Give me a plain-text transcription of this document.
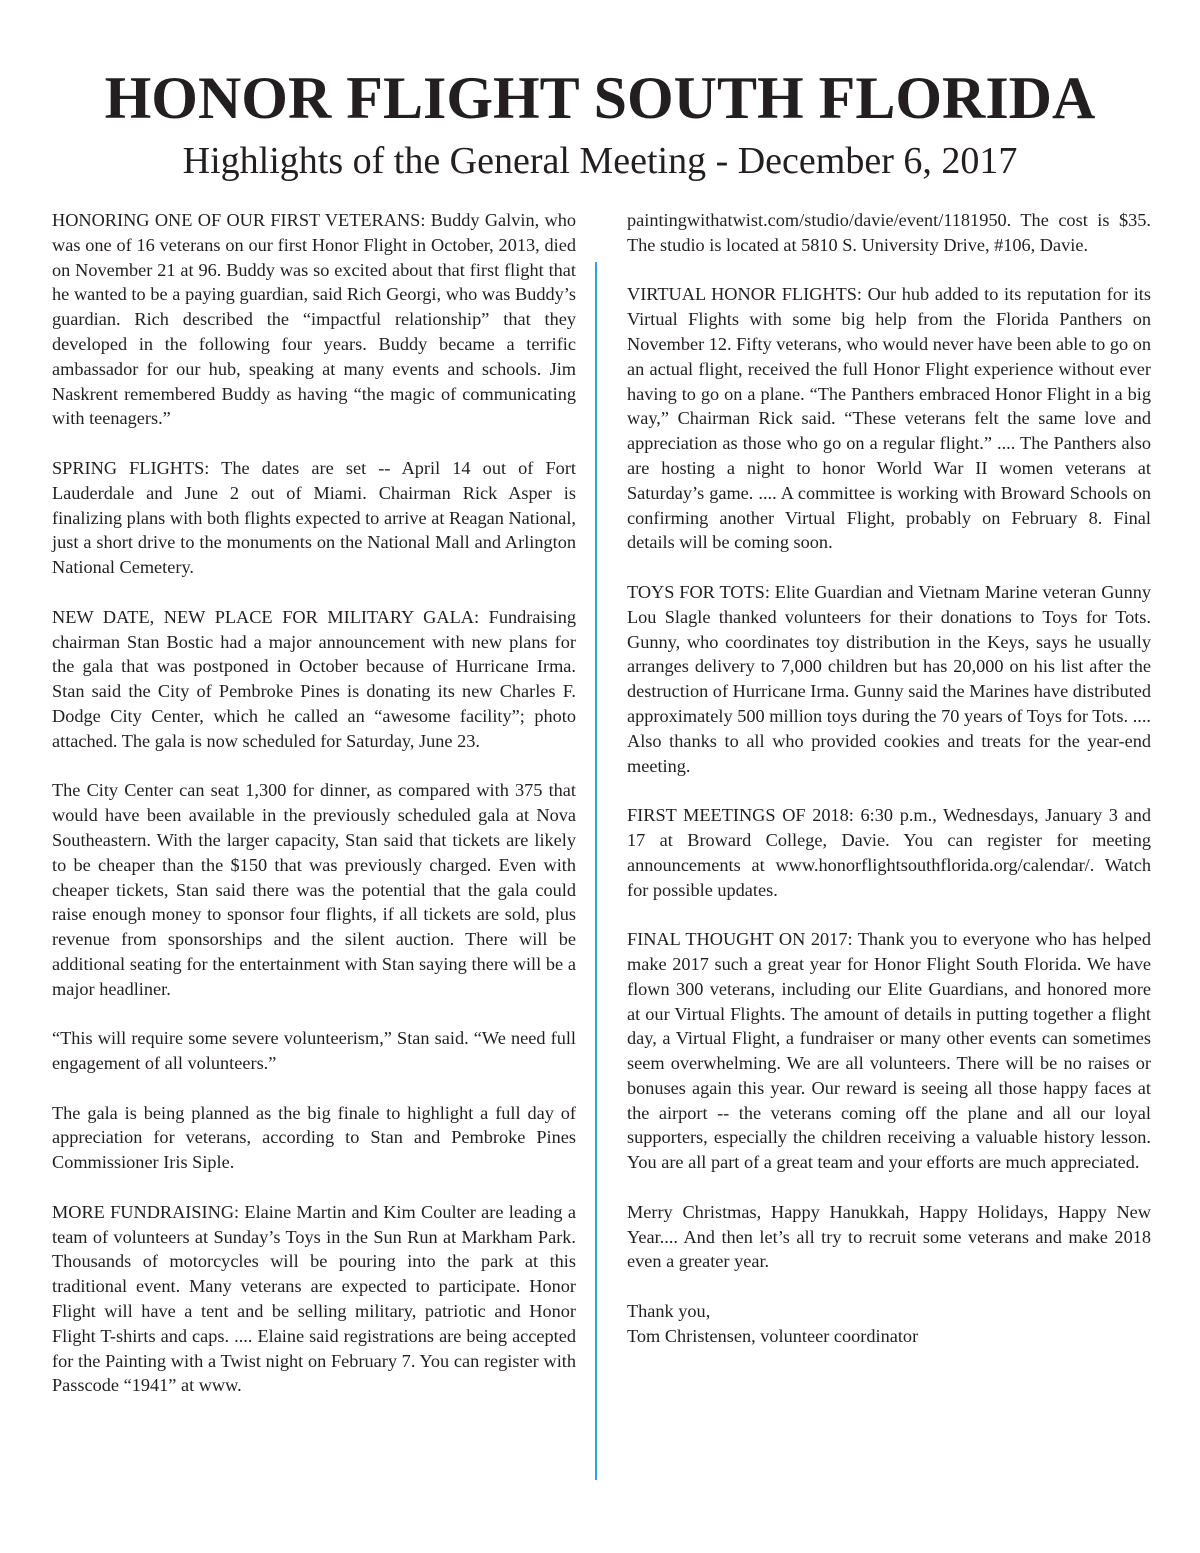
HONOR FLIGHT SOUTH FLORIDA
Highlights of the General Meeting - December 6, 2017

HONORING ONE OF OUR FIRST VETERANS: Buddy Galvin, who was one of 16 veterans on our first Honor Flight in October, 2013, died on November 21 at 96. Buddy was so excited about that first flight that he wanted to be a paying guardian, said Rich Georgi, who was Buddy’s guardian. Rich described the “impactful relationship” that they developed in the following four years. Buddy became a terrific ambassador for our hub, speaking at many events and schools. Jim Naskrent remembered Buddy as having “the magic of communicating with teenagers.”

SPRING FLIGHTS: The dates are set -- April 14 out of Fort Lauderdale and June 2 out of Miami. Chairman Rick Asper is finalizing plans with both flights expected to arrive at Reagan National, just a short drive to the monuments on the National Mall and Arlington National Cemetery.

NEW DATE, NEW PLACE FOR MILITARY GALA: Fundraising chairman Stan Bostic had a major announcement with new plans for the gala that was postponed in October because of Hurricane Irma. Stan said the City of Pembroke Pines is donating its new Charles F. Dodge City Center, which he called an “awesome facility”; photo attached. The gala is now scheduled for Saturday, June 23.

The City Center can seat 1,300 for dinner, as compared with 375 that would have been available in the previously scheduled gala at Nova Southeastern. With the larger capacity, Stan said that tickets are likely to be cheaper than the $150 that was previously charged. Even with cheaper tickets, Stan said there was the potential that the gala could raise enough money to sponsor four flights, if all tickets are sold, plus revenue from sponsorships and the silent auction. There will be additional seating for the entertainment with Stan saying there will be a major headliner.

“This will require some severe volunteerism,” Stan said. “We need full engagement of all volunteers.”

The gala is being planned as the big finale to highlight a full day of appreciation for veterans, according to Stan and Pembroke Pines Commissioner Iris Siple.

MORE FUNDRAISING: Elaine Martin and Kim Coulter are leading a team of volunteers at Sunday’s Toys in the Sun Run at Markham Park. Thousands of motorcycles will be pouring into the park at this traditional event. Many veterans are expected to participate. Honor Flight will have a tent and be selling military, patriotic and Honor Flight T-shirts and caps. .... Elaine said registrations are being accepted for the Painting with a Twist night on February 7. You can register with Passcode “1941” at www.

paintingwithatwist.com/studio/davie/event/1181950. The cost is $35. The studio is located at 5810 S. University Drive, #106, Davie.

VIRTUAL HONOR FLIGHTS: Our hub added to its reputation for its Virtual Flights with some big help from the Florida Panthers on November 12. Fifty veterans, who would never have been able to go on an actual flight, received the full Honor Flight experience without ever having to go on a plane. “The Panthers embraced Honor Flight in a big way,” Chairman Rick said. “These veterans felt the same love and appreciation as those who go on a regular flight.” .... The Panthers also are hosting a night to honor World War II women veterans at Saturday’s game. .... A committee is working with Broward Schools on confirming another Virtual Flight, probably on February 8. Final details will be coming soon.

TOYS FOR TOTS: Elite Guardian and Vietnam Marine veteran Gunny Lou Slagle thanked volunteers for their donations to Toys for Tots. Gunny, who coordinates toy distribution in the Keys, says he usually arranges delivery to 7,000 children but has 20,000 on his list after the destruction of Hurricane Irma. Gunny said the Marines have distributed approximately 500 million toys during the 70 years of Toys for Tots. .... Also thanks to all who provided cookies and treats for the year-end meeting.

FIRST MEETINGS OF 2018: 6:30 p.m., Wednesdays, January 3 and 17 at Broward College, Davie. You can register for meeting announcements at www.honorflightsouthflorida.org/calendar/. Watch for possible updates.

FINAL THOUGHT ON 2017: Thank you to everyone who has helped make 2017 such a great year for Honor Flight South Florida. We have flown 300 veterans, including our Elite Guardians, and honored more at our Virtual Flights. The amount of details in putting together a flight day, a Virtual Flight, a fundraiser or many other events can sometimes seem overwhelming. We are all volunteers. There will be no raises or bonuses again this year. Our reward is seeing all those happy faces at the airport -- the veterans coming off the plane and all our loyal supporters, especially the children receiving a valuable history lesson. You are all part of a great team and your efforts are much appreciated.

Merry Christmas, Happy Hanukkah, Happy Holidays, Happy New Year.... And then let’s all try to recruit some veterans and make 2018 even a greater year.

Thank you,

Tom Christensen, volunteer coordinator
